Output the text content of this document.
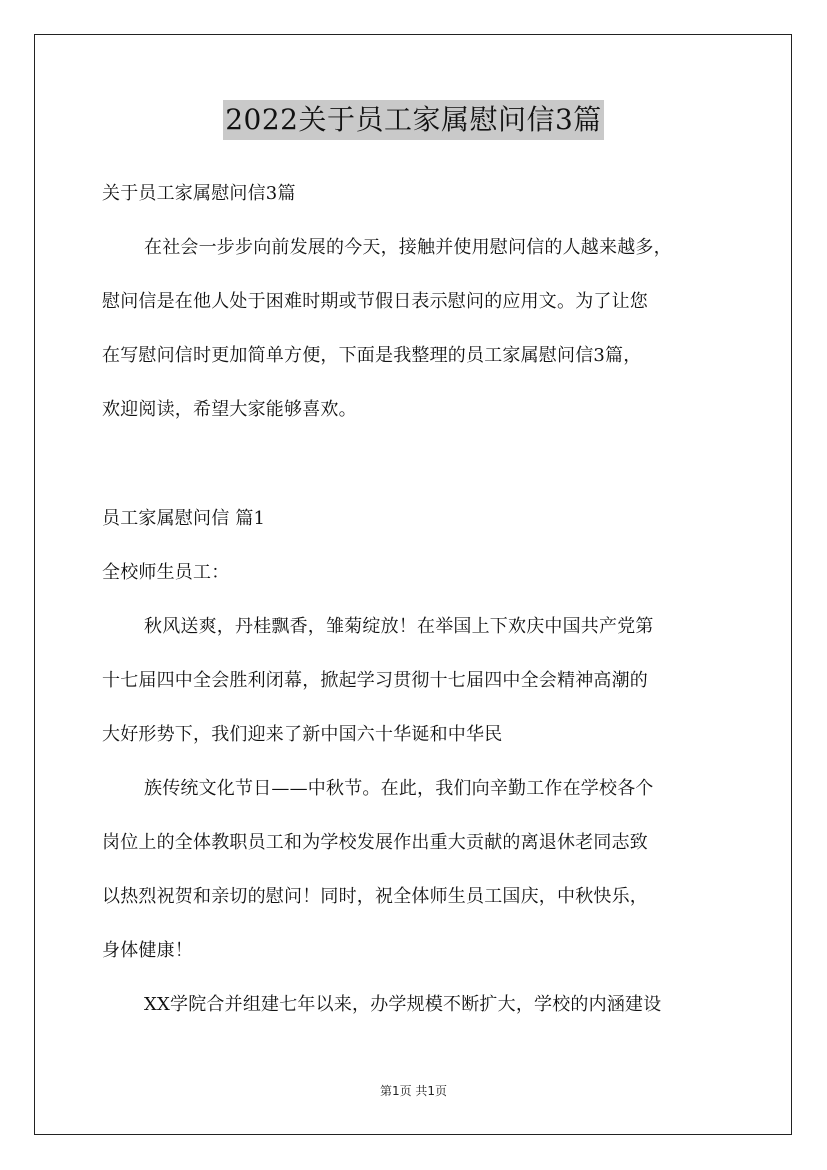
2022关于员工家属慰问信3篇
关于员工家属慰问信3篇
在社会一步步向前发展的今天，接触并使用慰问信的人越来越多，
慰问信是在他人处于困难时期或节假日表示慰问的应用文。为了让您
在写慰问信时更加简单方便，下面是我整理的员工家属慰问信3篇，
欢迎阅读，希望大家能够喜欢。
员工家属慰问信 篇1
全校师生员工：
秋风送爽，丹桂飘香，雏菊绽放！在举国上下欢庆中国共产党第
十七届四中全会胜利闭幕，掀起学习贯彻十七届四中全会精神高潮的
大好形势下，我们迎来了新中国六十华诞和中华民
族传统文化节日——中秋节。在此，我们向辛勤工作在学校各个
岗位上的全体教职员工和为学校发展作出重大贡献的离退休老同志致
以热烈祝贺和亲切的慰问！同时，祝全体师生员工国庆，中秋快乐，
身体健康！
XX学院合并组建七年以来，办学规模不断扩大，学校的内涵建设
第1页 共1页
